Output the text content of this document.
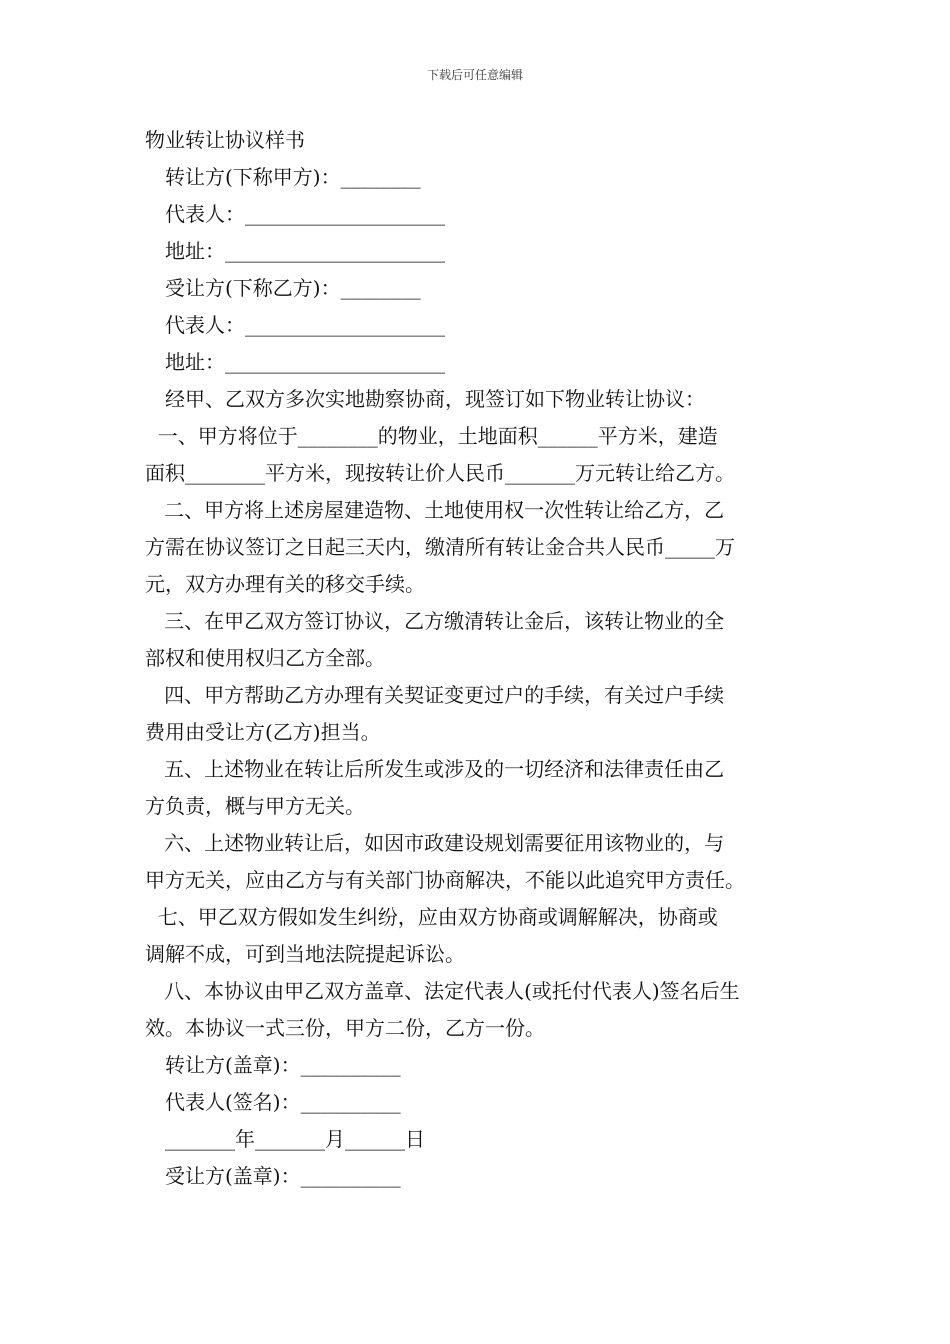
下载后可任意编辑
物业转让协议样书
转让方(下称甲方)：________
代表人：____________________
地址：______________________
受让方(下称乙方)：________
代表人：____________________
地址：______________________
经甲、乙双方多次实地勘察协商，现签订如下物业转让协议：
一、甲方将位于________的物业，土地面积______平方米，建造
面积________平方米，现按转让价人民币_______万元转让给乙方。
二、甲方将上述房屋建造物、土地使用权一次性转让给乙方，乙
方需在协议签订之日起三天内，缴清所有转让金合共人民币_____万
元，双方办理有关的移交手续。
三、在甲乙双方签订协议，乙方缴清转让金后，该转让物业的全
部权和使用权归乙方全部。
四、甲方帮助乙方办理有关契证变更过户的手续，有关过户手续
费用由受让方(乙方)担当。
五、上述物业在转让后所发生或涉及的一切经济和法律责任由乙
方负责，概与甲方无关。
六、上述物业转让后，如因市政建设规划需要征用该物业的，与
甲方无关，应由乙方与有关部门协商解决，不能以此追究甲方责任。
七、甲乙双方假如发生纠纷，应由双方协商或调解解决，协商或
调解不成，可到当地法院提起诉讼。
八、本协议由甲乙双方盖章、法定代表人(或托付代表人)签名后生
效。本协议一式三份，甲方二份，乙方一份。
转让方(盖章)：__________
代表人(签名)：__________
_______年_______月______日
受让方(盖章)：__________
